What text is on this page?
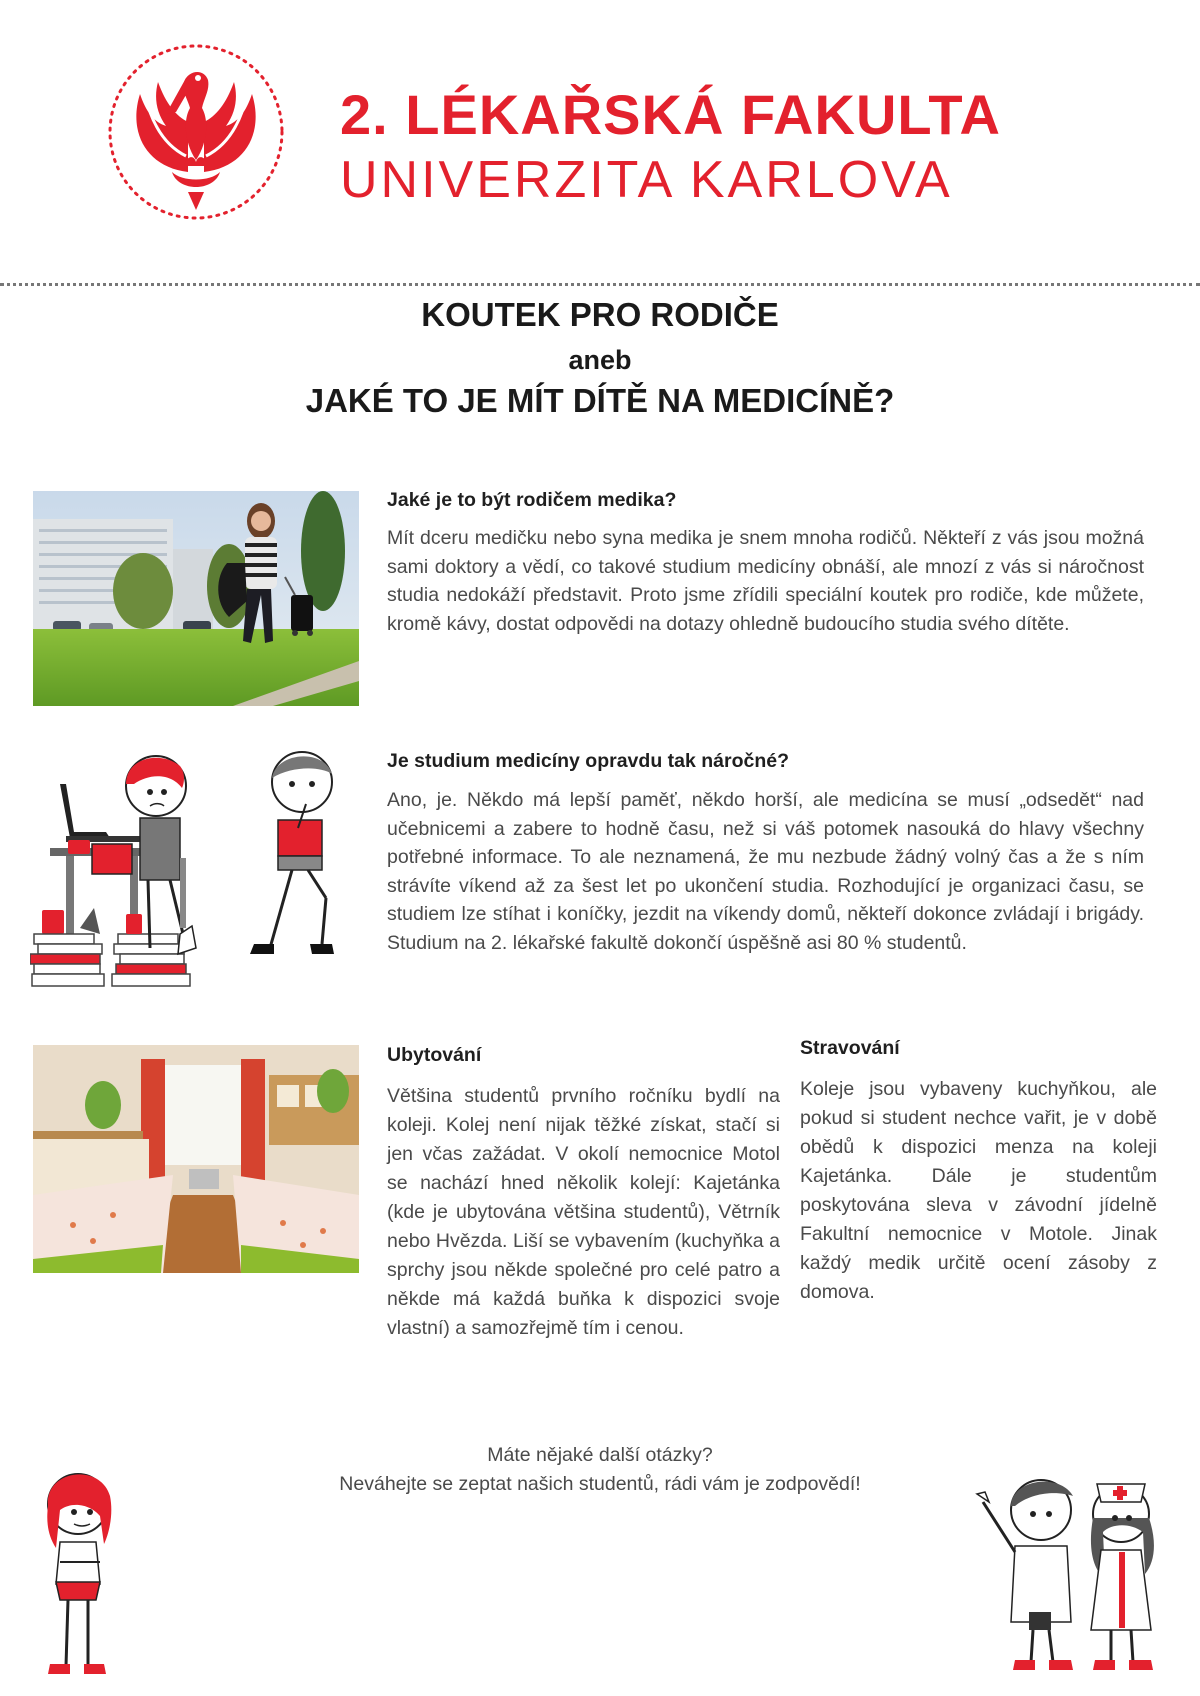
2. LÉKAŘSKÁ FAKULTA
UNIVERZITA KARLOVA
KOUTEK PRO RODIČE
aneb
JAKÉ TO JE MÍT DÍTĚ NA MEDICÍNĚ?
Jaké je to být rodičem medika?
Mít dceru medičku nebo syna medika je snem mnoha rodičů. Někteří z vás jsou možná sami doktory a vědí, co takové studium medicíny obnáší, ale mnozí z vás si náročnost studia nedokáží představit. Proto jsme zřídili speciální koutek pro rodiče, kde můžete, kromě kávy, dostat odpovědi na dotazy ohledně budoucího studia svého dítěte.
Je studium medicíny opravdu tak náročné?
Ano, je. Někdo má lepší paměť, někdo horší, ale medicína se musí „odsedět“ nad učebnicemi a zabere to hodně času, než si váš potomek nasouká do hlavy všechny potřebné informace. To ale neznamená, že mu nezbude žádný volný čas a že s ním strávíte víkend až za šest let po ukončení studia. Rozhodující je organizaci času, se studiem lze stíhat i koníčky, jezdit na víkendy domů, někteří dokonce zvládají i brigády. Studium na 2. lékařské fakultě dokončí úspěšně asi 80 % studentů.
Ubytování
Většina studentů prvního ročníku bydlí na koleji. Kolej není nijak těžké získat, stačí si jen včas zažádat. V okolí nemocnice Motol se nachází hned několik kolejí: Kajetánka (kde je ubytována většina studentů), Větrník nebo Hvězda. Liší se vybavením (kuchyňka a sprchy jsou někde společné pro celé patro a někde má každá buňka k dispozici svoje vlastní) a samozřejmě tím i cenou.
Stravování
Koleje jsou vybaveny kuchyňkou, ale pokud si student nechce vařit, je v době obědů k dispozici menza na koleji Kajetánka. Dále je studentům poskytována sleva v závodní jídelně Fakultní nemocnice v Motole. Jinak každý medik určitě ocení zásoby z domova.
Máte nějaké další otázky?
Neváhejte se zeptat našich studentů, rádi vám je zodpovědí!
